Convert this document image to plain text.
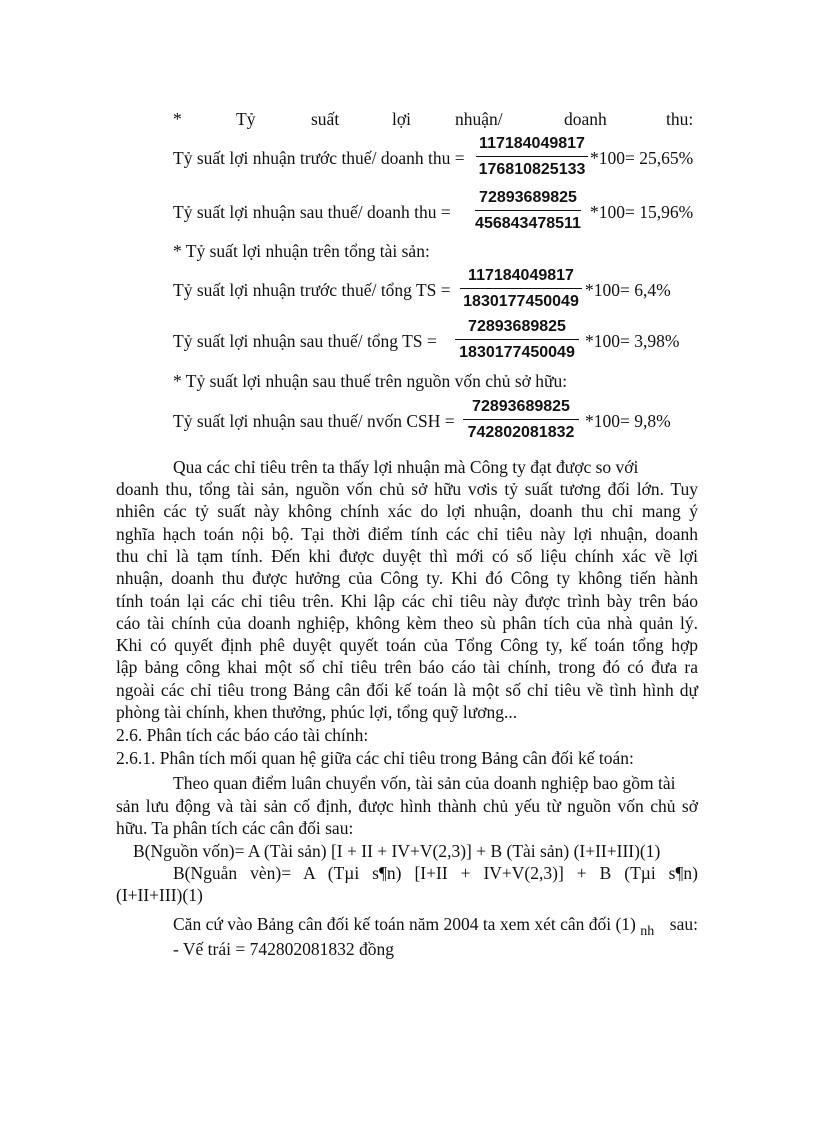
*	Tỷ	suất	lợi	nhuận/	doanh	thu:
Tỷ suất lợi nhuận trước thuế/ doanh thu = $\frac{117184049817}{176810825133} *100= 25,65\%$
Tỷ suất lợi nhuận sau thuế/ doanh thu = $\frac{72893689825}{456843478511} *100= 15,96\%$
* Tỷ suất lợi nhuận trên tổng tài sản:
Tỷ suất lợi nhuận trước thuế/ tổng TS = $\frac{117184049817}{1830177450049} *100= 6,4\%$
Tỷ suất lợi nhuận sau thuế/ tổng TS = $\frac{72893689825}{1830177450049} *100= 3,98\%$
* Tỷ suất lợi nhuận sau thuế trên nguồn vốn chủ sở hữu:
Tỷ suất lợi nhuận sau thuế/ nvốn CSH = $\frac{72893689825}{742802081832} *100= 9,8\%$
Qua các chỉ tiêu trên ta thấy lợi nhuận mà Công ty đạt được so với
doanh thu, tổng tài sản, nguồn vốn chủ sở hữu vơis tỷ suất tương đối lớn. Tuy
nhiên các tỷ suất này không chính xác do lợi nhuận, doanh thu chỉ mang ý
nghĩa hạch toán nội bộ. Tại thời điểm tính các chỉ tiêu này lợi nhuận, doanh
thu chỉ là tạm tính. Đến khi được duyệt thì mới có số liệu chính xác về lợi
nhuận, doanh thu được hưởng của Công ty. Khi đó Công ty không tiến hành
tính toán lại các chỉ tiêu trên. Khi lập các chỉ tiêu này được trình bày trên báo
cáo tài chính của doanh nghiệp, không kèm theo sù phân tích của nhà quản lý.
Khi có quyết định phê duyệt quyết toán của Tổng Công ty, kế toán tổng hợp
lập bảng công khai một số chỉ tiêu trên báo cáo tài chính, trong đó có đưa ra
ngoài các chỉ tiêu trong Bảng cân đối kế toán là một số chỉ tiêu về tình hình dự
phòng tài chính, khen thưởng, phúc lợi, tổng quỹ lương...
2.6. Phân tích các báo cáo tài chính:
2.6.1. Phân tích mối quan hệ giữa các chỉ tiêu trong Bảng cân đối kế toán:
Theo quan điểm luân chuyển vốn, tài sản của doanh nghiệp bao gồm tài
sản lưu động và tài sản cố định, được hình thành chủ yếu từ nguồn vốn chủ sở
hữu. Ta phân tích các cân đối sau:
B(Nguồn vốn)= A (Tài sản) [I + II + IV+V(2,3)] + B (Tài sản) (I+II+III)(1)
B(Nguån vèn)= A (Tµi s¶n) [I+II + IV+V(2,3)] + B (Tµi s¶n)
(I+II+III)(1)
Căn cứ vào Bảng cân đối kế toán năm 2004 ta xem xét cân đối (1) $_{nh}$ sau:
- Vế trái = 742802081832 đồng
